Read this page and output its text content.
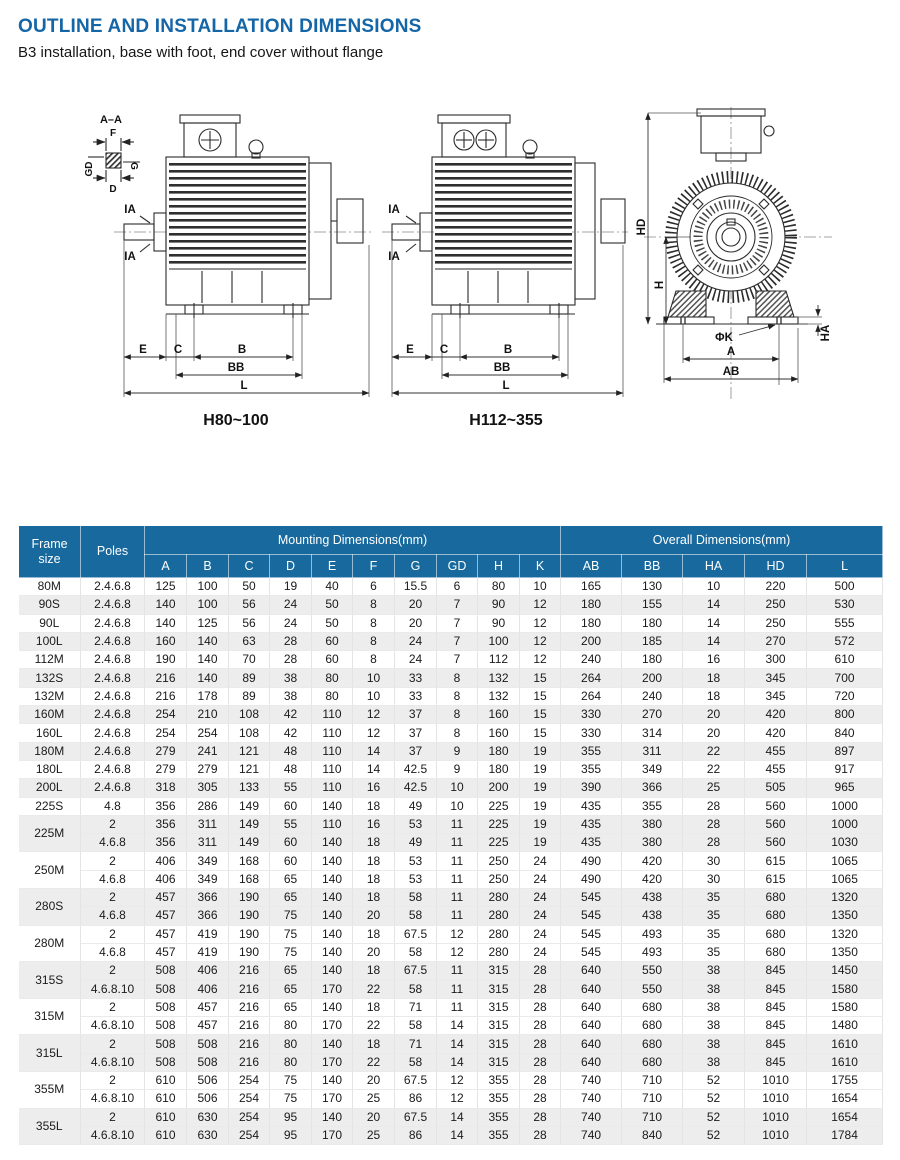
OUTLINE AND INSTALLATION DIMENSIONS
B3 installation, base with foot, end cover without flange
A–A
F
GD	G
D
IA
IA
E C	B
BB
L
H80~100
IA
IA
E C	B
BB
L
H112~355
HD
H
HA
ΦK
A
AB
Frame size	Poles	Mounting Dimensions(mm)										Overall Dimensions(mm)				
		A	B	C	D	E	F	G	GD	H	K	AB	BB	HA	HD	L
80M	2.4.6.8	125	100	50	19	40	6	15.5	6	80	10	165	130	10	220	500
90S	2.4.6.8	140	100	56	24	50	8	20	7	90	12	180	155	14	250	530
90L	2.4.6.8	140	125	56	24	50	8	20	7	90	12	180	180	14	250	555
100L	2.4.6.8	160	140	63	28	60	8	24	7	100	12	200	185	14	270	572
112M	2.4.6.8	190	140	70	28	60	8	24	7	112	12	240	180	16	300	610
132S	2.4.6.8	216	140	89	38	80	10	33	8	132	15	264	200	18	345	700
132M	2.4.6.8	216	178	89	38	80	10	33	8	132	15	264	240	18	345	720
160M	2.4.6.8	254	210	108	42	110	12	37	8	160	15	330	270	20	420	800
160L	2.4.6.8	254	254	108	42	110	12	37	8	160	15	330	314	20	420	840
180M	2.4.6.8	279	241	121	48	110	14	37	9	180	19	355	311	22	455	897
180L	2.4.6.8	279	279	121	48	110	14	42.5	9	180	19	355	349	22	455	917
200L	2.4.6.8	318	305	133	55	110	16	42.5	10	200	19	390	366	25	505	965
225S	4.8	356	286	149	60	140	18	49	10	225	19	435	355	28	560	1000
225M	2	356	311	149	55	110	16	53	11	225	19	435	380	28	560	1000
	4.6.8	356	311	149	60	140	18	49	11	225	19	435	380	28	560	1030
250M	2	406	349	168	60	140	18	53	11	250	24	490	420	30	615	1065
	4.6.8	406	349	168	65	140	18	53	11	250	24	490	420	30	615	1065
280S	2	457	366	190	65	140	18	58	11	280	24	545	438	35	680	1320
	4.6.8	457	366	190	75	140	20	58	11	280	24	545	438	35	680	1350
280M	2	457	419	190	75	140	18	67.5	12	280	24	545	493	35	680	1320
	4.6.8	457	419	190	75	140	20	58	12	280	24	545	493	35	680	1350
315S	2	508	406	216	65	140	18	67.5	11	315	28	640	550	38	845	1450
	4.6.8.10	508	406	216	65	170	22	58	11	315	28	640	550	38	845	1580
315M	2	508	457	216	65	140	18	71	11	315	28	640	680	38	845	1580
	4.6.8.10	508	457	216	80	170	22	58	14	315	28	640	680	38	845	1480
315L	2	508	508	216	80	140	18	71	14	315	28	640	680	38	845	1610
	4.6.8.10	508	508	216	80	170	22	58	14	315	28	640	680	38	845	1610
355M	2	610	506	254	75	140	20	67.5	12	355	28	740	710	52	1010	1755
	4.6.8.10	610	506	254	75	170	25	86	12	355	28	740	710	52	1010	1654
355L	2	610	630	254	95	140	20	67.5	14	355	28	740	710	52	1010	1654
	4.6.8.10	610	630	254	95	170	25	86	14	355	28	740	840	52	1010	1784
